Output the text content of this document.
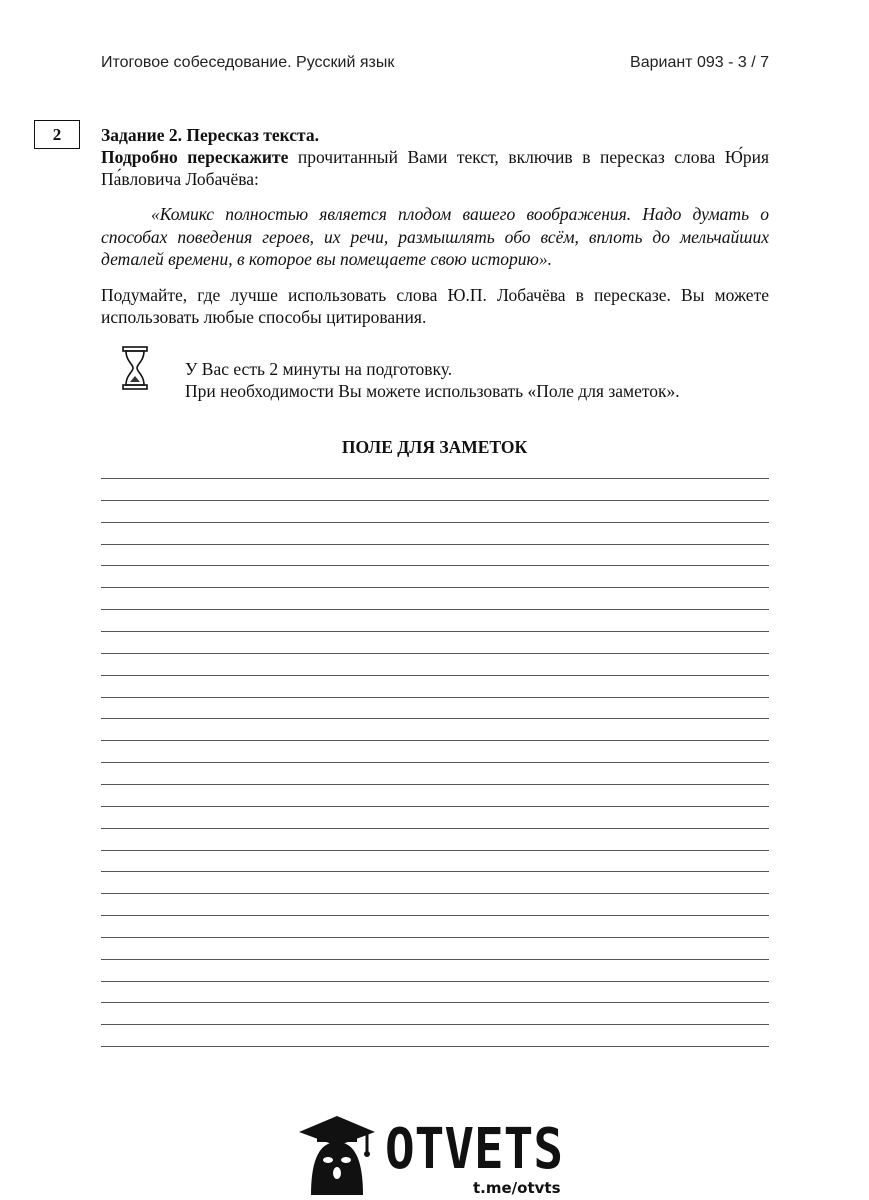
Итоговое собеседование. Русский язык	Вариант 093 - 3 / 7
2 Задание 2. Пересказ текста.
Подробно перескажите прочитанный Вами текст, включив в пересказ слова Ю́рия Па́вловича Лобачёва:
«Комикс полностью является плодом вашего воображения. Надо думать о способах поведения героев, их речи, размышлять обо всём, вплоть до мельчайших деталей времени, в которое вы помещаете свою историю».
Подумайте, где лучше использовать слова Ю.П. Лобачёва в пересказе. Вы можете использовать любые способы цитирования.
У Вас есть 2 минуты на подготовку.
При необходимости Вы можете использовать «Поле для заметок».
ПОЛЕ ДЛЯ ЗАМЕТОК
OTVETS
t.me/otvts
